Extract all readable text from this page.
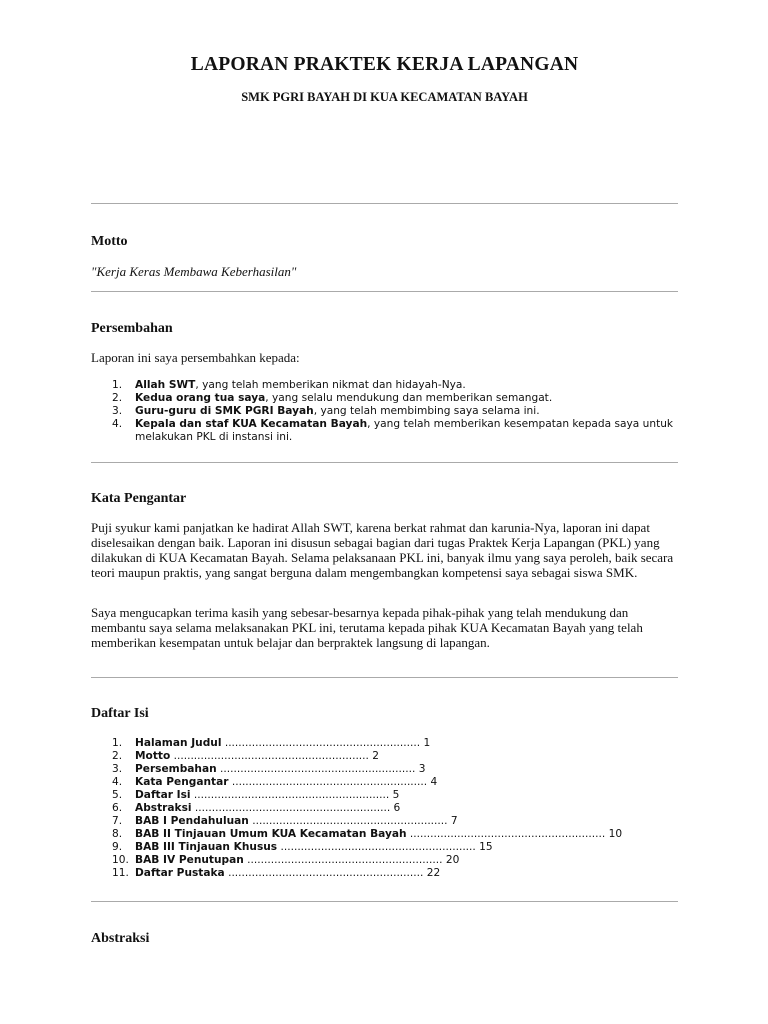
LAPORAN PRAKTEK KERJA LAPANGAN
SMK PGRI BAYAH DI KUA KECAMATAN BAYAH
Motto
"Kerja Keras Membawa Keberhasilan"
Persembahan
Laporan ini saya persembahkan kepada:
1. Allah SWT, yang telah memberikan nikmat dan hidayah-Nya.
2. Kedua orang tua saya, yang selalu mendukung dan memberikan semangat.
3. Guru-guru di SMK PGRI Bayah, yang telah membimbing saya selama ini.
4. Kepala dan staf KUA Kecamatan Bayah, yang telah memberikan kesempatan kepada saya untuk melakukan PKL di instansi ini.
Kata Pengantar
Puji syukur kami panjatkan ke hadirat Allah SWT, karena berkat rahmat dan karunia-Nya, laporan ini dapat diselesaikan dengan baik. Laporan ini disusun sebagai bagian dari tugas Praktek Kerja Lapangan (PKL) yang dilakukan di KUA Kecamatan Bayah. Selama pelaksanaan PKL ini, banyak ilmu yang saya peroleh, baik secara teori maupun praktis, yang sangat berguna dalam mengembangkan kompetensi saya sebagai siswa SMK.
Saya mengucapkan terima kasih yang sebesar-besarnya kepada pihak-pihak yang telah mendukung dan membantu saya selama melaksanakan PKL ini, terutama kepada pihak KUA Kecamatan Bayah yang telah memberikan kesempatan untuk belajar dan berpraktek langsung di lapangan.
Daftar Isi
1. Halaman Judul .......................................................... 1
2. Motto .......................................................... 2
3. Persembahan .......................................................... 3
4. Kata Pengantar .......................................................... 4
5. Daftar Isi .......................................................... 5
6. Abstraksi .......................................................... 6
7. BAB I Pendahuluan .......................................................... 7
8. BAB II Tinjauan Umum KUA Kecamatan Bayah .......................................................... 10
9. BAB III Tinjauan Khusus .......................................................... 15
10. BAB IV Penutupan .......................................................... 20
11. Daftar Pustaka .......................................................... 22
Abstraksi
